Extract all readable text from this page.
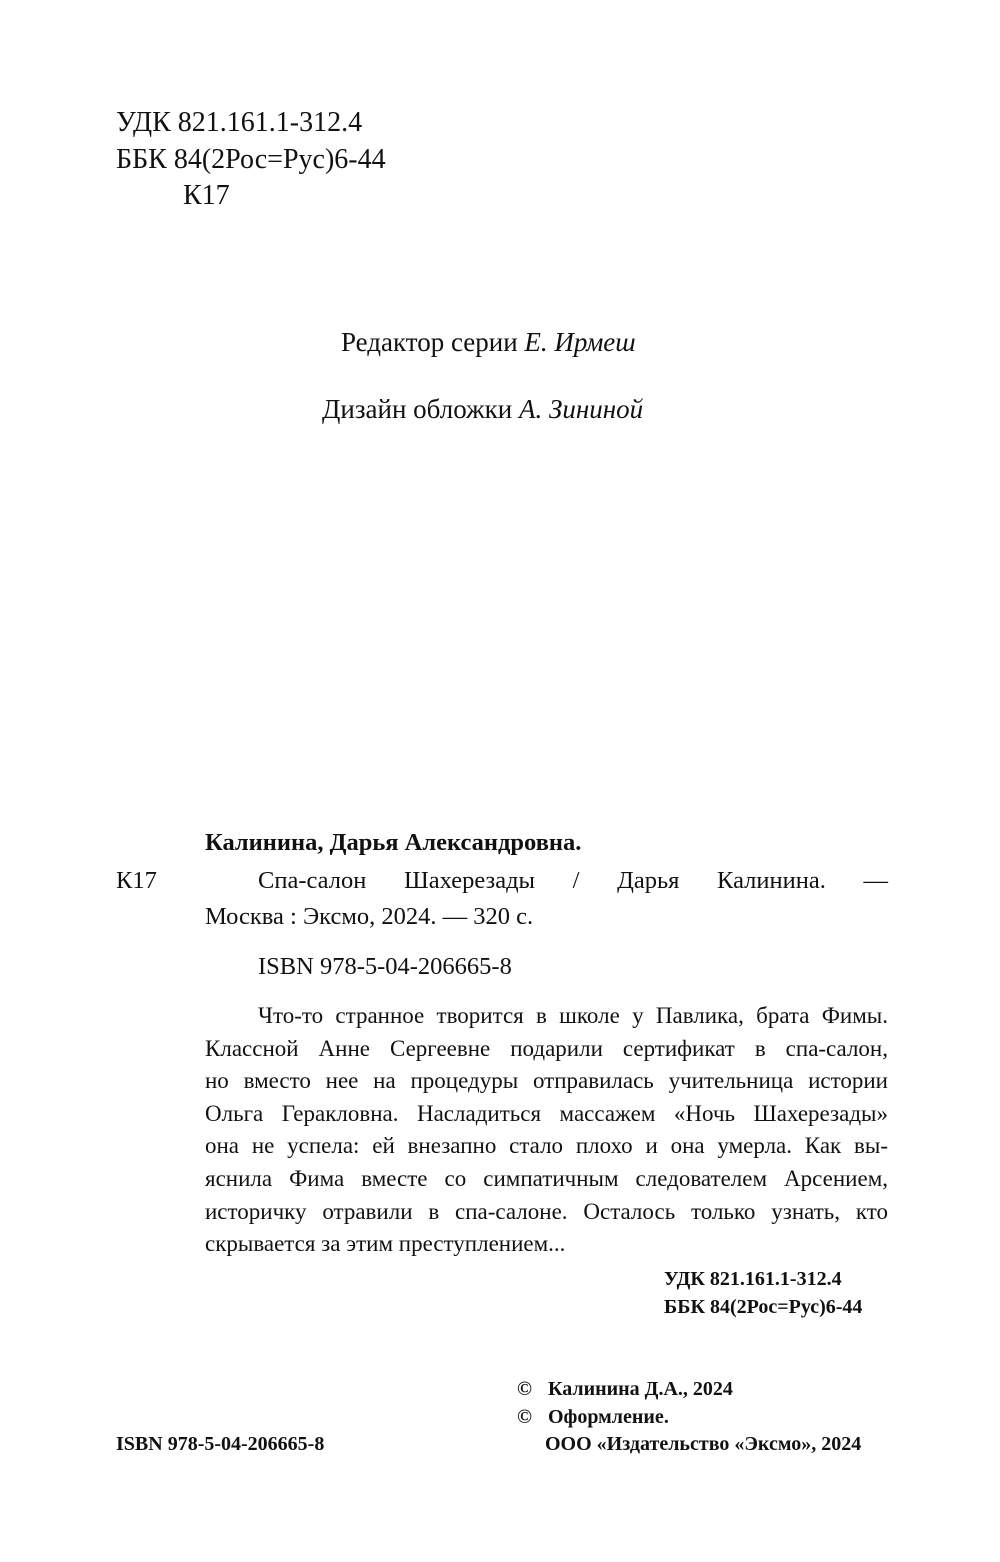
УДК 821.161.1-312.4
ББК 84(2Рос=Рус)6-44
К17
Редактор серии Е. Ирмеш
Дизайн обложки А. Зининой
Калинина, Дарья Александровна.
К17	Спа-салон Шахерезады / Дарья Калинина. —
Москва : Эксмо, 2024. — 320 с.
ISBN 978-5-04-206665-8
Что-то странное творится в школе у Павлика, брата Фимы.
Классной Анне Сергеевне подарили сертификат в спа-салон,
но вместо нее на процедуры отправилась учительница истории
Ольга Геракловна. Насладиться массажем «Ночь Шахерезады»
она не успела: ей внезапно стало плохо и она умерла. Как вы-
яснила Фима вместе со симпатичным следователем Арсением,
историчку отравили в спа-салоне. Осталось только узнать, кто
скрывается за этим преступлением...
УДК 821.161.1-312.4
ББК 84(2Рос=Рус)6-44
© Калинина Д.А., 2024
© Оформление.
ООО «Издательство «Эксмо», 2024
ISBN 978-5-04-206665-8
